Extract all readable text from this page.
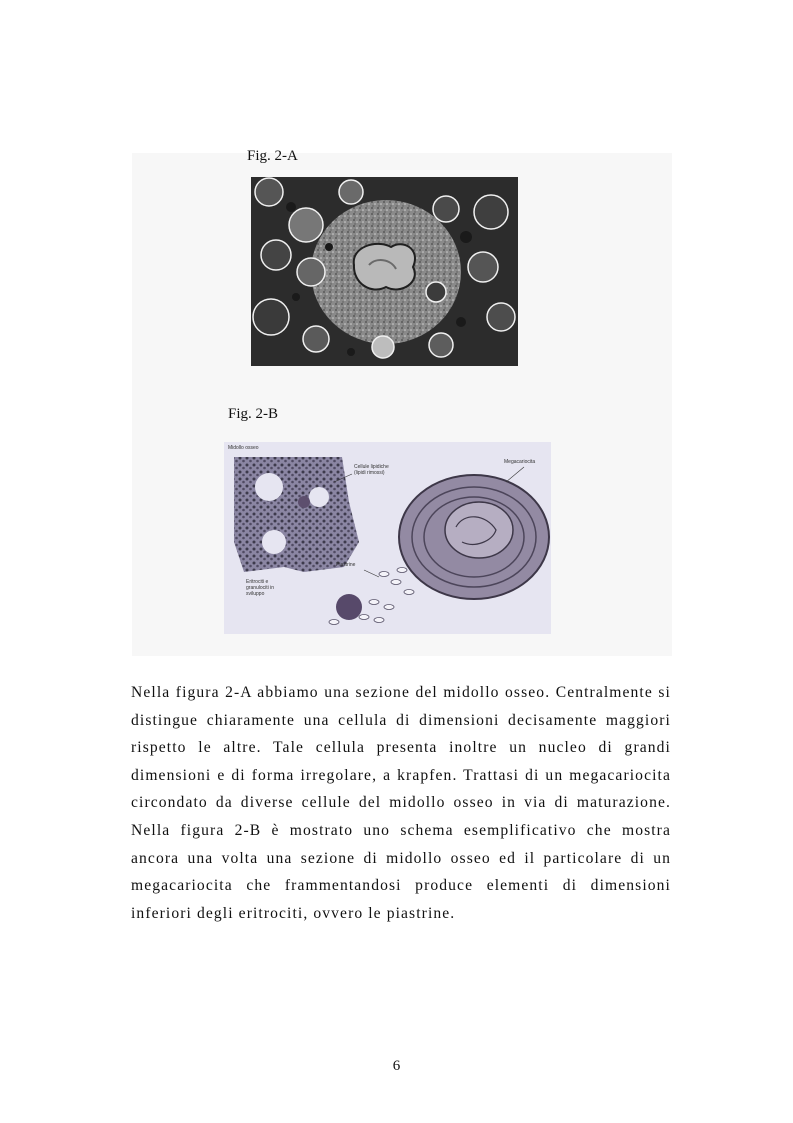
Fig. 2-A
Fig. 2-B
Midollo osseo
Cellule lipidiche (lipidi rimossi)
Megacariocita
Eritrociti e granulociti in sviluppo
Piastrine

Nella figura 2-A abbiamo una sezione del midollo osseo. Centralmente si distingue chiaramente una cellula di dimensioni decisamente maggiori rispetto le altre. Tale cellula presenta inoltre un nucleo di grandi dimensioni e di forma irregolare, a krapfen. Trattasi di un megacariocita circondato da diverse cellule del midollo osseo in via di maturazione. Nella figura 2-B è mostrato uno schema esemplificativo che mostra ancora una volta una sezione di midollo osseo ed il particolare di un megacariocita che frammentandosi produce elementi di dimensioni inferiori degli eritrociti, ovvero le piastrine.

6
